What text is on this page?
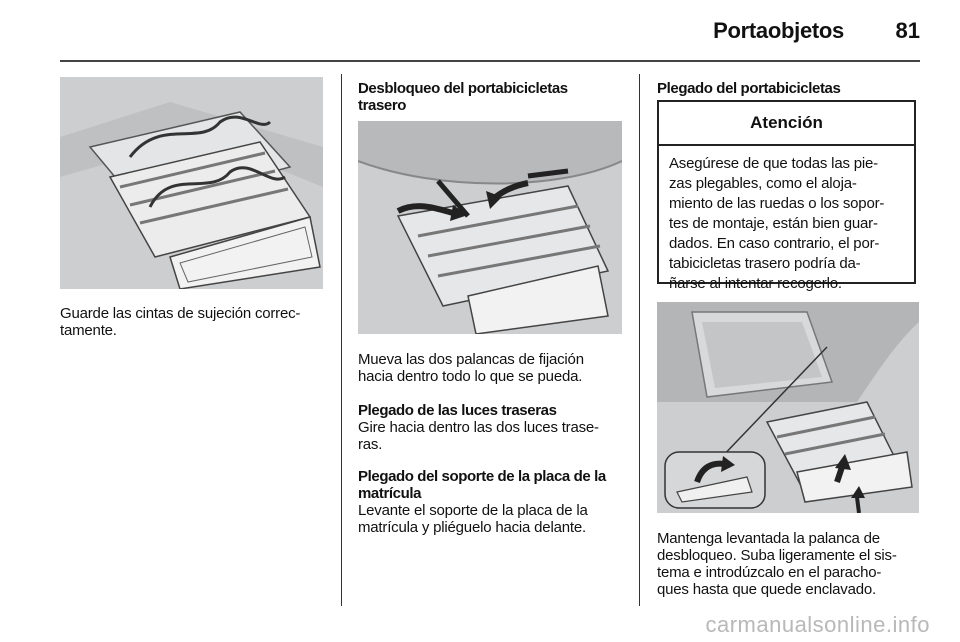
Portaobjetos 81
Guarde las cintas de sujeción correc-
tamente.
Desbloqueo del portabicicletas
trasero
Mueva las dos palancas de fijación
hacia dentro todo lo que se pueda.
Plegado de las luces traseras
Gire hacia dentro las dos luces trase-
ras.
Plegado del soporte de la placa de la
matrícula
Levante el soporte de la placa de la
matrícula y pliéguelo hacia delante.
Plegado del portabicicletas
Atención
Asegúrese de que todas las pie-
zas plegables, como el aloja-
miento de las ruedas o los sopor-
tes de montaje, están bien guar-
dados. En caso contrario, el por-
tabicicletas trasero podría da-
ñarse al intentar recogerlo.
Mantenga levantada la palanca de
desbloqueo. Suba ligeramente el sis-
tema e introdúzcalo en el paracho-
ques hasta que quede enclavado.
carmanualsonline.info
